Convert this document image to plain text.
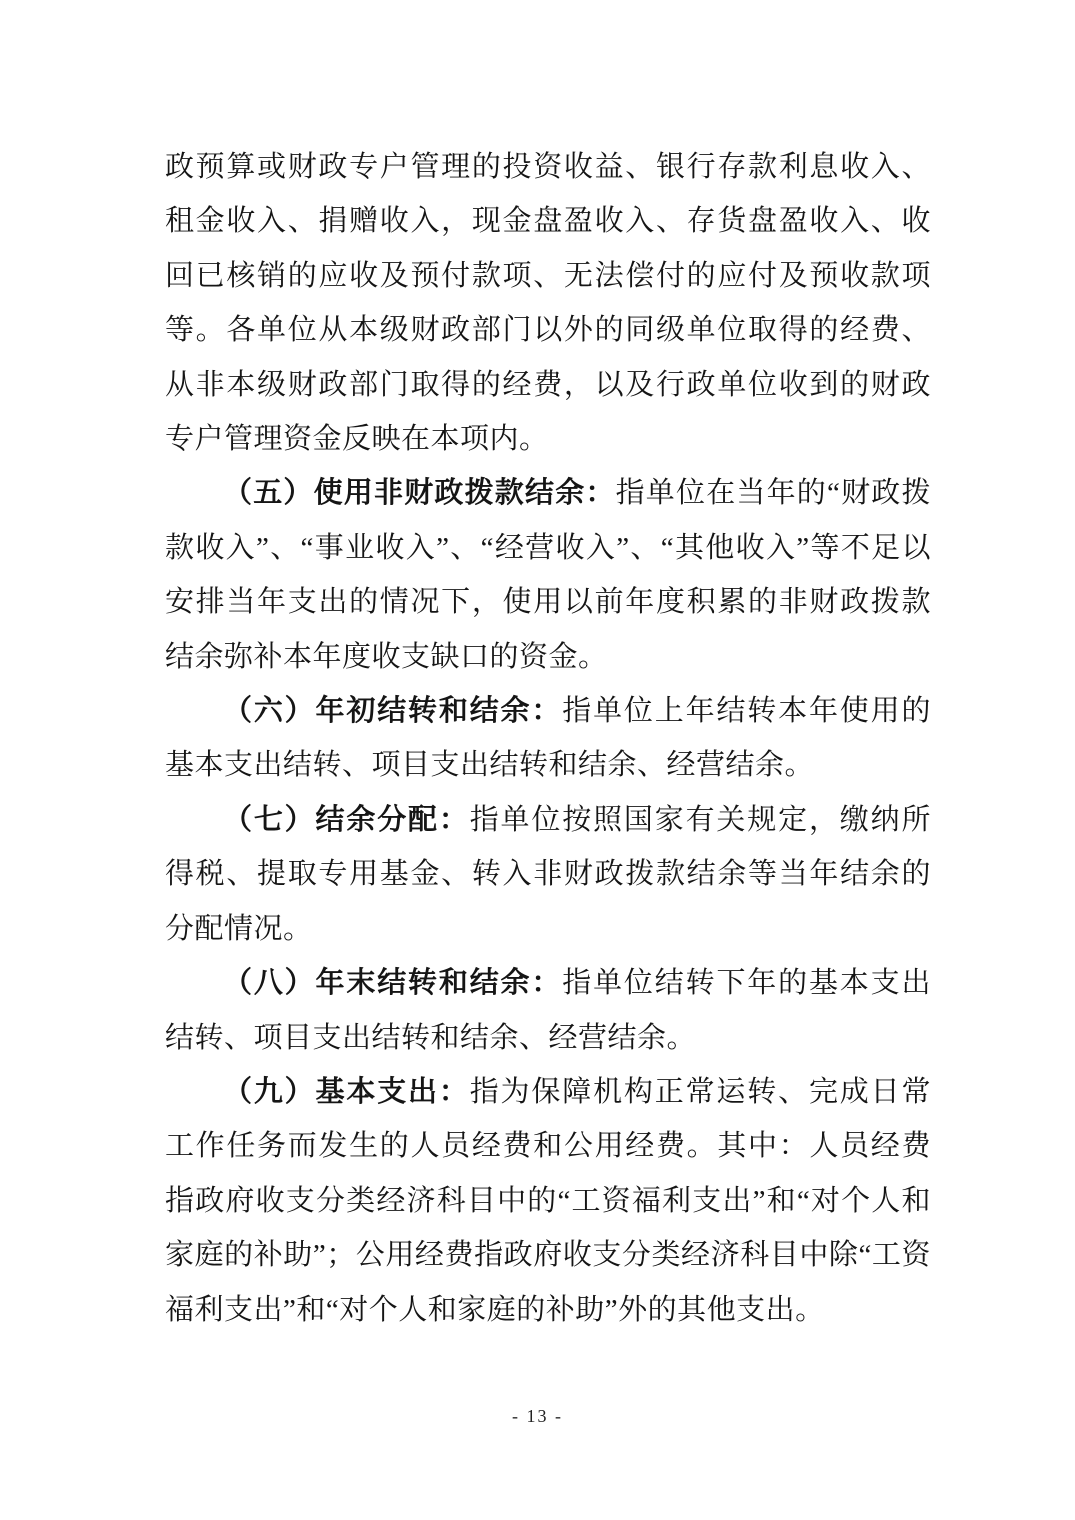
政预算或财政专户管理的投资收益、银行存款利息收入、租金收入、捐赠收入，现金盘盈收入、存货盘盈收入、收回已核销的应收及预付款项、无法偿付的应付及预收款项等。各单位从本级财政部门以外的同级单位取得的经费、从非本级财政部门取得的经费，以及行政单位收到的财政专户管理资金反映在本项内。

（五）使用非财政拨款结余：指单位在当年的“财政拨款收入”、“事业收入”、“经营收入”、“其他收入”等不足以安排当年支出的情况下，使用以前年度积累的非财政拨款结余弥补本年度收支缺口的资金。

（六）年初结转和结余：指单位上年结转本年使用的基本支出结转、项目支出结转和结余、经营结余。

（七）结余分配：指单位按照国家有关规定，缴纳所得税、提取专用基金、转入非财政拨款结余等当年结余的分配情况。

（八）年末结转和结余：指单位结转下年的基本支出结转、项目支出结转和结余、经营结余。

（九）基本支出：指为保障机构正常运转、完成日常工作任务而发生的人员经费和公用经费。其中：人员经费指政府收支分类经济科目中的“工资福利支出”和“对个人和家庭的补助”；公用经费指政府收支分类经济科目中除“工资福利支出”和“对个人和家庭的补助”外的其他支出。

- 13 -
